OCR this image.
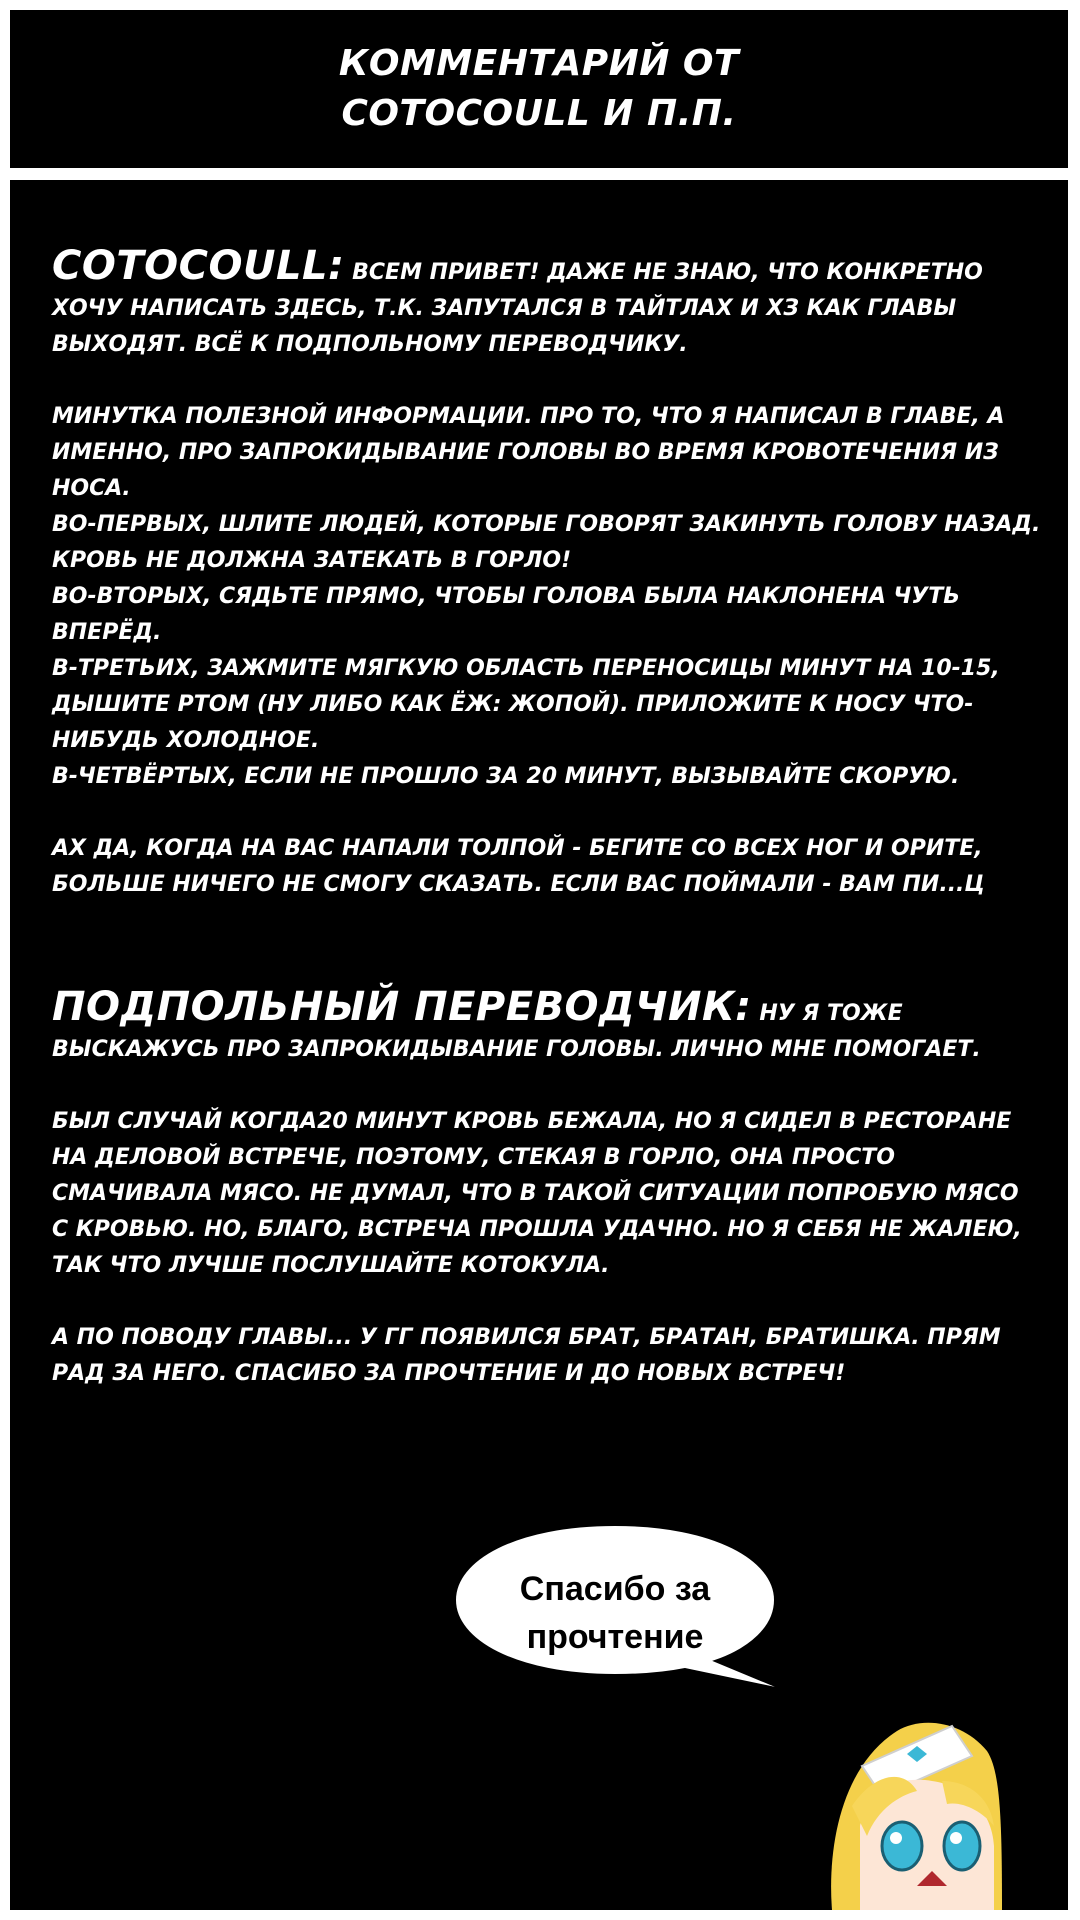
КОММЕНТАРИЙ ОТ
COTOCOULL И П.П.

COTOCOULL: ВСЕМ ПРИВЕТ! ДАЖЕ НЕ ЗНАЮ, ЧТО КОНКРЕТНО ХОЧУ НАПИСАТЬ ЗДЕСЬ, Т.К. ЗАПУТАЛСЯ В ТАЙТЛАХ И ХЗ КАК ГЛАВЫ ВЫХОДЯТ. ВСЁ К ПОДПОЛЬНОМУ ПЕРЕВОДЧИКУ.

МИНУТКА ПОЛЕЗНОЙ ИНФОРМАЦИИ. ПРО ТО, ЧТО Я НАПИСАЛ В ГЛАВЕ, А ИМЕННО, ПРО ЗАПРОКИДЫВАНИЕ ГОЛОВЫ ВО ВРЕМЯ КРОВОТЕЧЕНИЯ ИЗ НОСА.
ВО-ПЕРВЫХ, ШЛИТЕ ЛЮДЕЙ, КОТОРЫЕ ГОВОРЯТ ЗАКИНУТЬ ГОЛОВУ НАЗАД. КРОВЬ НЕ ДОЛЖНА ЗАТЕКАТЬ В ГОРЛО!
ВО-ВТОРЫХ, СЯДЬТЕ ПРЯМО, ЧТОБЫ ГОЛОВА БЫЛА НАКЛОНЕНА ЧУТЬ ВПЕРЁД.
В-ТРЕТЬИХ, ЗАЖМИТЕ МЯГКУЮ ОБЛАСТЬ ПЕРЕНОСИЦЫ МИНУТ НА 10-15, ДЫШИТЕ РТОМ (НУ ЛИБО КАК ЁЖ: ЖОПОЙ). ПРИЛОЖИТЕ К НОСУ ЧТО-НИБУДЬ ХОЛОДНОЕ.
В-ЧЕТВЁРТЫХ, ЕСЛИ НЕ ПРОШЛО ЗА 20 МИНУТ, ВЫЗЫВАЙТЕ СКОРУЮ.

АХ ДА, КОГДА НА ВАС НАПАЛИ ТОЛПОЙ - БЕГИТЕ СО ВСЕХ НОГ И ОРИТЕ, БОЛЬШЕ НИЧЕГО НЕ СМОГУ СКАЗАТЬ. ЕСЛИ ВАС ПОЙМАЛИ - ВАМ ПИ...Ц

ПОДПОЛЬНЫЙ ПЕРЕВОДЧИК: НУ Я ТОЖЕ ВЫСКАЖУСЬ ПРО ЗАПРОКИДЫВАНИЕ ГОЛОВЫ. ЛИЧНО МНЕ ПОМОГАЕТ.

БЫЛ СЛУЧАЙ КОГДА20 МИНУТ КРОВЬ БЕЖАЛА, НО Я СИДЕЛ В РЕСТОРАНЕ НА ДЕЛОВОЙ ВСТРЕЧЕ, ПОЭТОМУ, СТЕКАЯ В ГОРЛО, ОНА ПРОСТО СМАЧИВАЛА МЯСО. НЕ ДУМАЛ, ЧТО В ТАКОЙ СИТУАЦИИ ПОПРОБУЮ МЯСО С КРОВЬЮ. НО, БЛАГО, ВСТРЕЧА ПРОШЛА УДАЧНО. НО Я СЕБЯ НЕ ЖАЛЕЮ, ТАК ЧТО ЛУЧШЕ ПОСЛУШАЙТЕ КОТОКУЛА.

А ПО ПОВОДУ ГЛАВЫ... У ГГ ПОЯВИЛСЯ БРАТ, БРАТАН, БРАТИШКА. ПРЯМ РАД ЗА НЕГО. СПАСИБО ЗА ПРОЧТЕНИЕ И ДО НОВЫХ ВСТРЕЧ!

Спасибо за
прочтение
